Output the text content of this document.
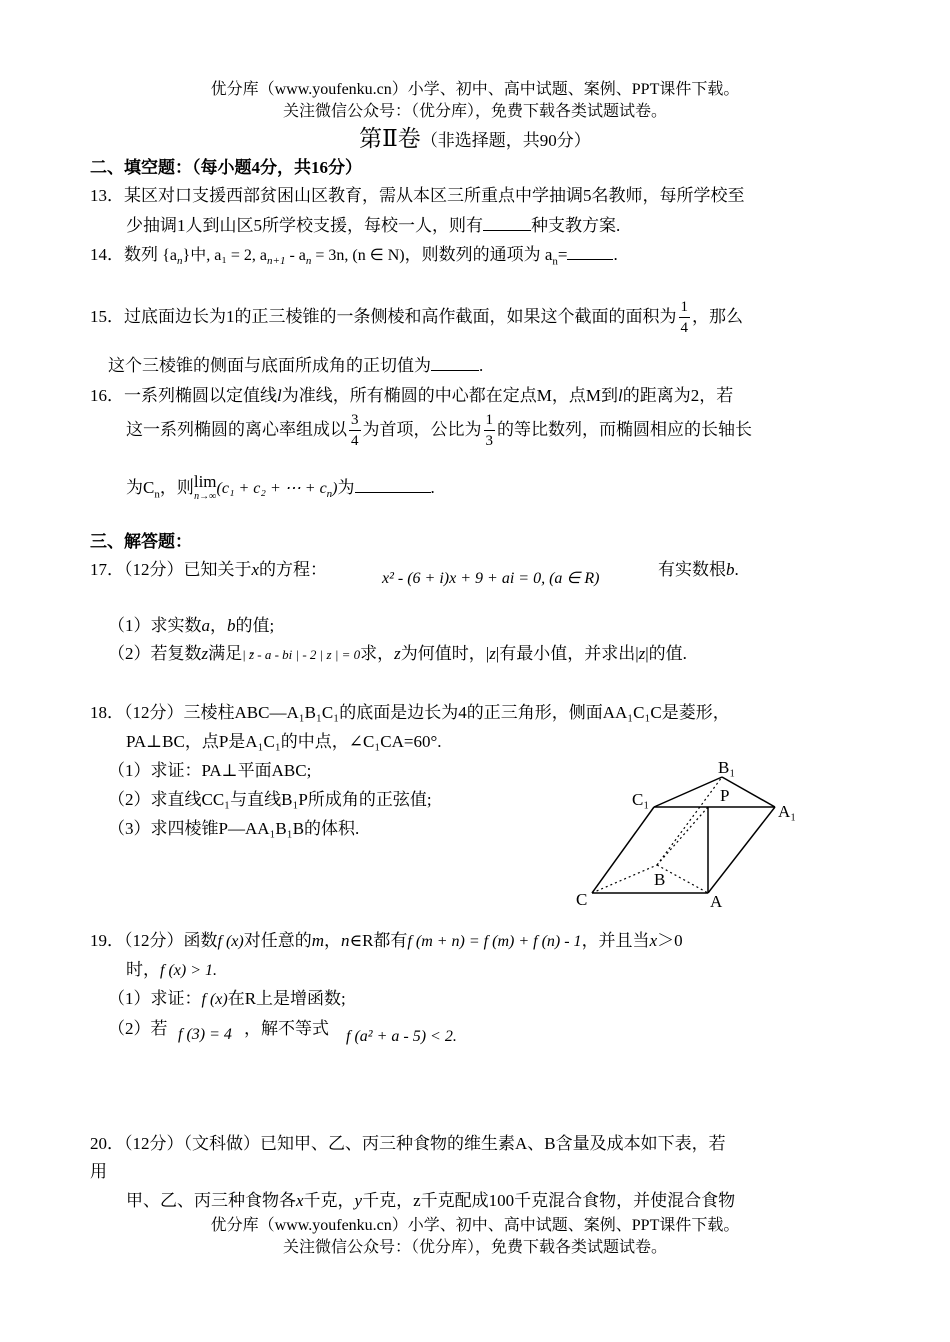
优分库（www.youfenku.cn）小学、初中、高中试题、案例、PPT课件下载。
关注微信公众号：（优分库），免费下载各类试题试卷。
第Ⅱ卷（非选择题，共90分）
二、填空题：（每小题4分，共16分）
13．某区对口支援西部贫困山区教育，需从本区三所重点中学抽调5名教师，每所学校至
少抽调1人到山区5所学校支援，每校一人，则有	种支教方案.
14．数列 $\{a_n\}$中, a₁ = 2, $a_{n+1} - a_n = 3n$, (n ∈ N)，则数列的通项为 $a_n=$	.
15．过底面边长为1的正三棱锥的一条侧棱和高作截面，如果这个截面的面积为 $\frac{1}{4}$ ，那么
这个三棱锥的侧面与底面所成角的正切值为	.
16．一系列椭圆以定值线l为准线，所有椭圆的中心都在定点M，点M到l的距离为2，若
这一系列椭圆的离心率组成以 $\frac{3}{4}$ 为首项，公比为 $\frac{1}{3}$ 的等比数列，而椭圆相应的长轴长
为$C_n$，则 lim
n→∞ (c₁ + c₂ + ⋯ + $c_n$)为	.
三、解答题：
17．（12分）已知关于x的方程：	x² - (6 + i)x + 9 + ai = 0, (a ∈ R)	有实数根b.
（1）求实数a，b的值;
（2）若复数z满足| z̄ - a - bi | - 2 | z | = 0求，z为何值时，|z|有最小值，并求出|z|的值.
18．（12分）三棱柱ABC—A₁B₁C₁的底面是边长为4的正三角形，侧面AA₁C₁C是菱形，
PA⊥BC，点P是A₁C₁的中点，∠C₁CA=60°.
（1）求证：PA⊥平面ABC;
（2）求直线CC₁与直线B₁P所成角的正弦值;
（3）求四棱锥P—AA₁B₁B的体积.
B₁
C₁	P
A₁
B
C	A
19．（12分）函数f (x)对任意的m，n∈R都有f (m + n) = f (m) + f (n) - 1，并且当x＞0
时，f (x) > 1.
（1）求证：f (x)在R上是增函数;
（2）若 f (3) = 4 ，解不等式 f (a² + a - 5) < 2.
20．（12分）（文科做）已知甲、乙、丙三种食物的维生素A、B含量及成本如下表，若
用
甲、乙、丙三种食物各x千克，y千克，z千克配成100千克混合食物，并使混合食物
优分库（www.youfenku.cn）小学、初中、高中试题、案例、PPT课件下载。
关注微信公众号：（优分库），免费下载各类试题试卷。
